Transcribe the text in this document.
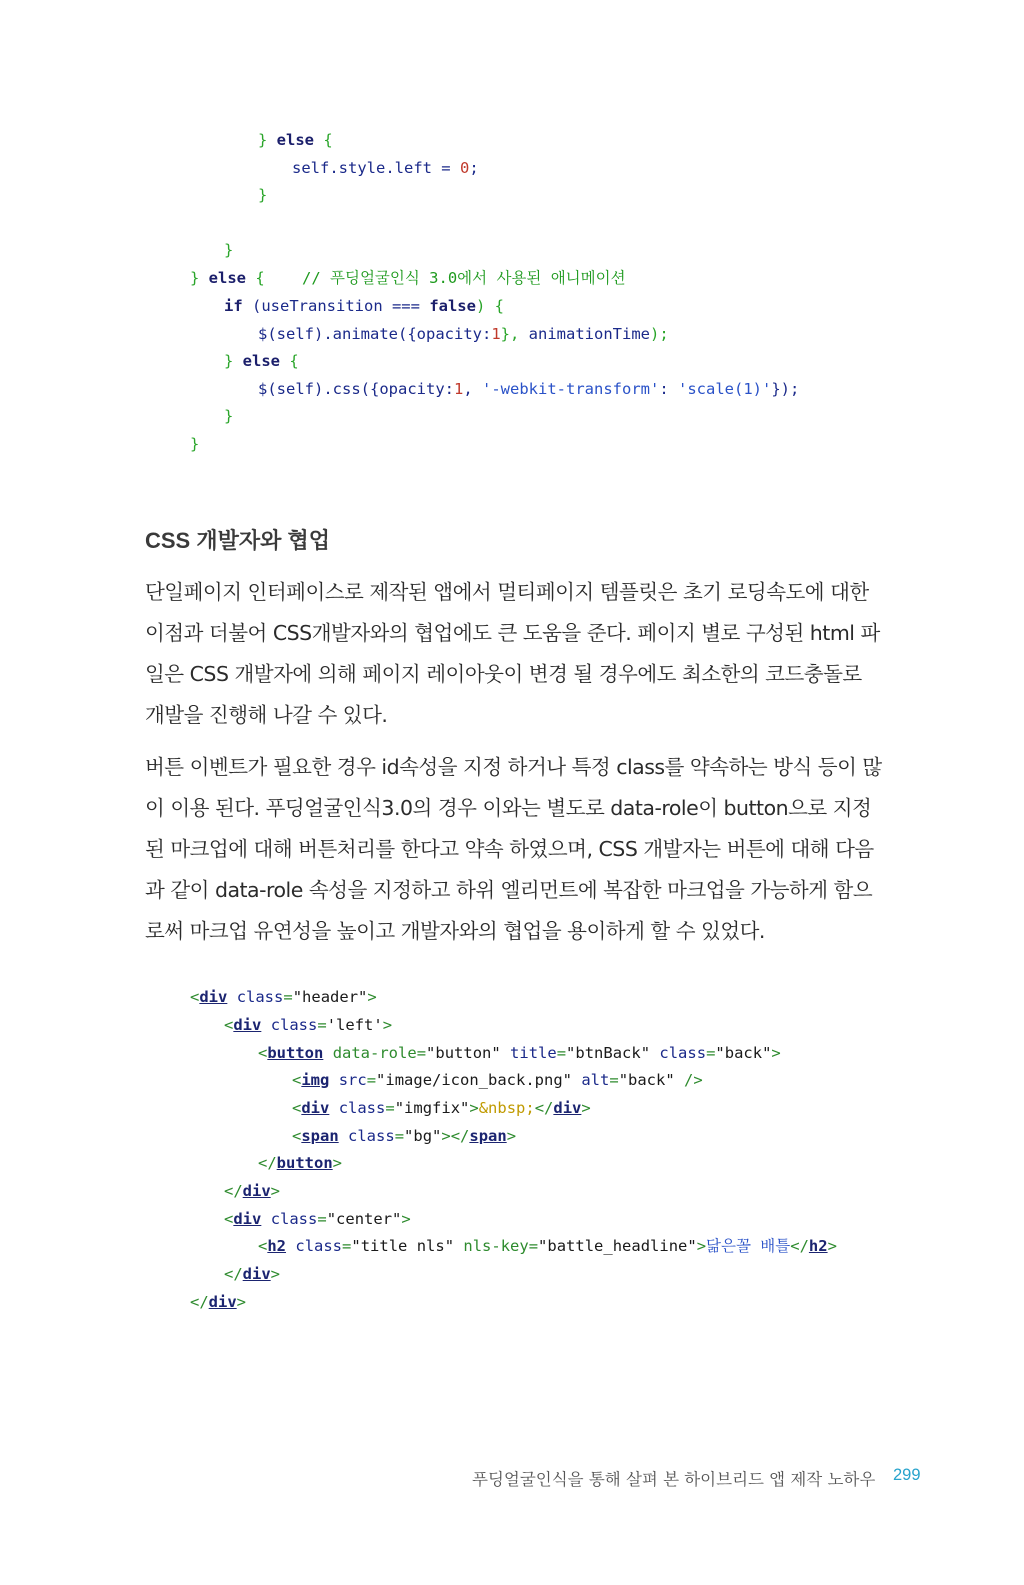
} else {
self.style.left = 0;
}
}
} else {    // 푸딩얼굴인식 3.0에서 사용된 애니메이션
if (useTransition === false) {
$(self).animate({opacity:1}, animationTime);
} else {
$(self).css({opacity:1, '-webkit-transform': 'scale(1)'});
}
}
CSS 개발자와 협업

단일페이지 인터페이스로 제작된 앱에서 멀티페이지 템플릿은 초기 로딩속도에 대한
이점과 더불어 CSS개발자와의 협업에도 큰 도움을 준다. 페이지 별로 구성된 html 파
일은 CSS 개발자에 의해 페이지 레이아웃이 변경 될 경우에도 최소한의 코드충돌로
개발을 진행해 나갈 수 있다.

버튼 이벤트가 필요한 경우 id속성을 지정 하거나 특정 class를 약속하는 방식 등이 많
이 이용 된다. 푸딩얼굴인식3.0의 경우 이와는 별도로 data-role이 button으로 지정
된 마크업에 대해 버튼처리를 한다고 약속 하였으며, CSS 개발자는 버튼에 대해 다음
과 같이 data-role 속성을 지정하고 하위 엘리먼트에 복잡한 마크업을 가능하게 함으
로써 마크업 유연성을 높이고 개발자와의 협업을 용이하게 할 수 있었다.

<div class="header">
<div class='left'>
<button data-role="button" title="btnBack" class="back">
<img src="image/icon_back.png" alt="back" />
<div class="imgfix">&nbsp;</div>
<span class="bg"></span>
</button>
</div>
<div class="center">
<h2 class="title nls" nls-key="battle_headline">닮은꼴 배틀</h2>
</div>
</div>
푸딩얼굴인식을 통해 살펴 본 하이브리드 앱 제작 노하우 299
